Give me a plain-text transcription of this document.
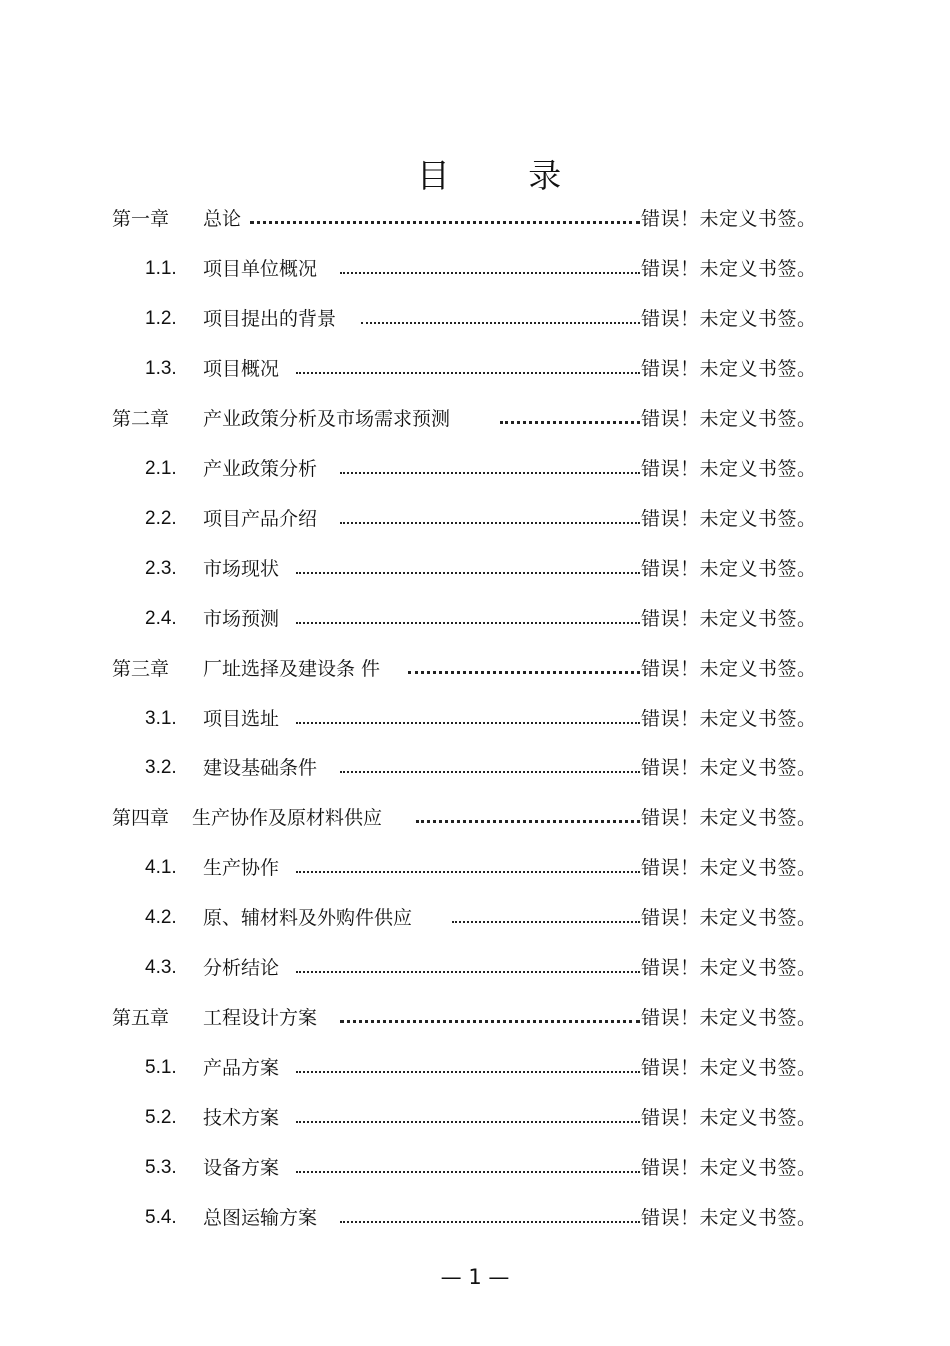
目 录
第一章 总论	错误！未定义书签。
1.1. 项目单位概况	错误！未定义书签。
1.2. 项目提出的背景	错误！未定义书签。
1.3. 项目概况	错误！未定义书签。
第二章 产业政策分析及市场需求预测	错误！未定义书签。
2.1. 产业政策分析	错误！未定义书签。
2.2. 项目产品介绍	错误！未定义书签。
2.3. 市场现状	错误！未定义书签。
2.4. 市场预测	错误！未定义书签。
第三章 厂址选择及建设条 件	错误！未定义书签。
3.1. 项目选址	错误！未定义书签。
3.2. 建设基础条件	错误！未定义书签。
第四章 生产协作及原材料供应	错误！未定义书签。
4.1. 生产协作	错误！未定义书签。
4.2. 原、辅材料及外购件供应	错误！未定义书签。
4.3. 分析结论	错误！未定义书签。
第五章 工程设计方案	错误！未定义书签。
5.1. 产品方案	错误！未定义书签。
5.2. 技术方案	错误！未定义书签。
5.3. 设备方案	错误！未定义书签。
5.4. 总图运输方案	错误！未定义书签。
— 1 —
